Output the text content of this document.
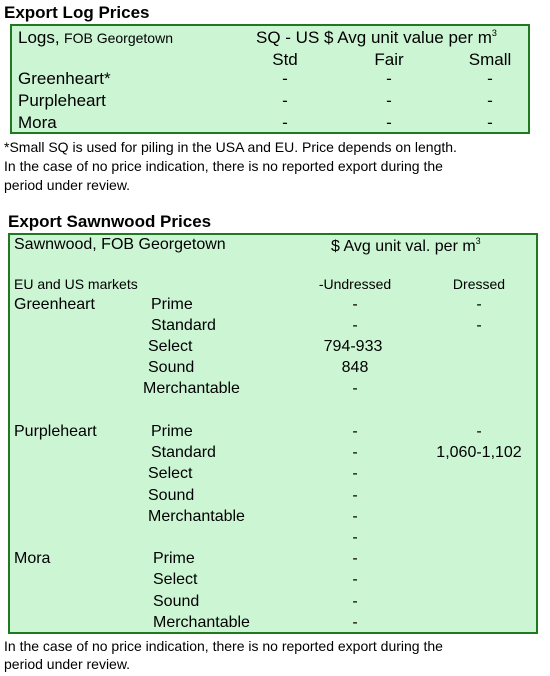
Export Log Prices
Logs, FOB Georgetown	SQ - US $ Avg unit value per $m^3$
Std	Fair	Small
Greenheart*	-	-	-
Purpleheart	-	-	-
Mora	-	-	-
*Small SQ is used for piling in the USA and EU. Price depends on length.
In the case of no price indication, there is no reported export during the
period under review.
Export Sawnwood Prices
Sawnwood, FOB Georgetown	$ Avg unit val. per $m^3$
EU and US markets	-Undressed	Dressed
Greenheart	Prime	-	-
Standard	-	-
Select	794-933
Sound	848
Merchantable	-
Purpleheart	Prime	-	-
Standard	-	1,060-1,102
Select	-
Sound	-
Merchantable	-
-
Mora	Prime	-
Select	-
Sound	-
Merchantable	-
In the case of no price indication, there is no reported export during the
period under review.
